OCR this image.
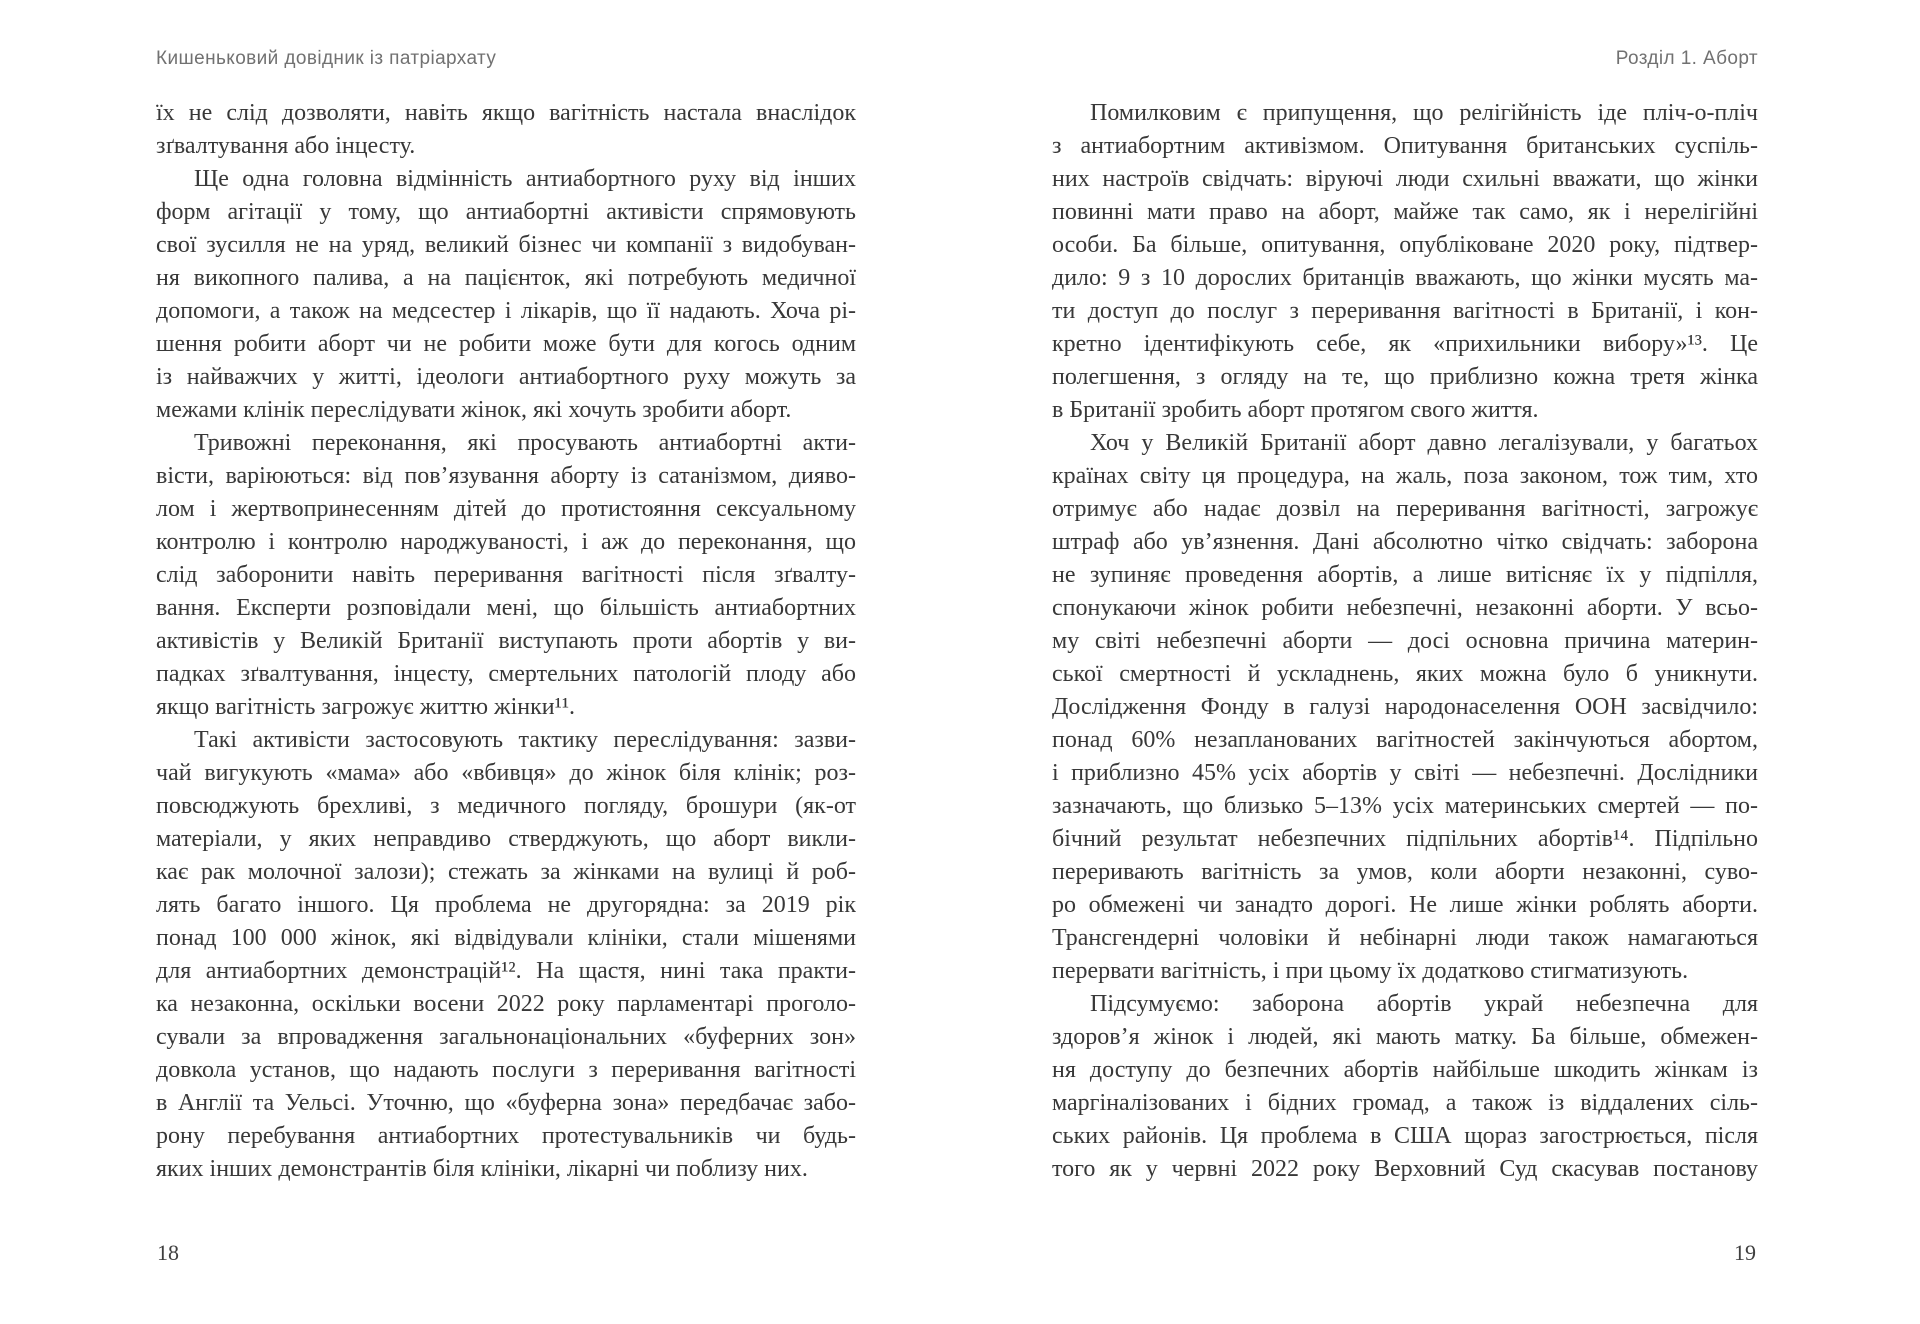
Кишеньковий довідник із патріархату	Розділ 1. Аборт
їх не слід дозволяти, навіть якщо вагітність настала внаслідок
зґвалтування або інцесту.
Ще одна головна відмінність антиабортного руху від інших
форм агітації у тому, що антиабортні активісти спрямовують
свої зусилля не на уряд, великий бізнес чи компанії з видобуван-
ня викопного палива, а на пацієнток, які потребують медичної
допомоги, а також на медсестер і лікарів, що її надають. Хоча рі-
шення робити аборт чи не робити може бути для когось одним
із найважчих у житті, ідеологи антиабортного руху можуть за
межами клінік переслідувати жінок, які хочуть зробити аборт.
Тривожні переконання, які просувають антиабортні акти-
вісти, варіюються: від пов’язування аборту із сатанізмом, дияво-
лом і жертвопринесенням дітей до протистояння сексуальному
контролю і контролю народжуваності, і аж до переконання, що
слід заборонити навіть переривання вагітності після зґвалту-
вання. Експерти розповідали мені, що більшість антиабортних
активістів у Великій Британії виступають проти абортів у ви-
падках зґвалтування, інцесту, смертельних патологій плоду або
якщо вагітність загрожує життю жінки¹¹.
Такі активісти застосовують тактику переслідування: зазви-
чай вигукують «мама» або «вбивця» до жінок біля клінік; роз-
повсюджують брехливі, з медичного погляду, брошури (як-от
матеріали, у яких неправдиво стверджують, що аборт викли-
кає рак молочної залози); стежать за жінками на вулиці й роб-
лять багато іншого. Ця проблема не другорядна: за 2019 рік
понад 100 000 жінок, які відвідували клініки, стали мішенями
для антиабортних демонстрацій¹². На щастя, нині така практи-
ка незаконна, оскільки восени 2022 року парламентарі проголо-
сували за впровадження загальнонаціональних «буферних зон»
довкола установ, що надають послуги з переривання вагітності
в Англії та Уельсі. Уточню, що «буферна зона» передбачає забо-
рону перебування антиабортних протестувальників чи будь-
яких інших демонстрантів біля клініки, лікарні чи поблизу них.
Помилковим є припущення, що релігійність іде пліч-о-пліч
з антиабортним активізмом. Опитування британських суспіль-
них настроїв свідчать: віруючі люди схильні вважати, що жінки
повинні мати право на аборт, майже так само, як і нерелігійні
особи. Ба більше, опитування, опубліковане 2020 року, підтвер-
дило: 9 з 10 дорослих британців вважають, що жінки мусять ма-
ти доступ до послуг з переривання вагітності в Британії, і кон-
кретно ідентифікують себе, як «прихильники вибору»¹³. Це
полегшення, з огляду на те, що приблизно кожна третя жінка
в Британії зробить аборт протягом свого життя.
Хоч у Великій Британії аборт давно легалізували, у багатьох
країнах світу ця процедура, на жаль, поза законом, тож тим, хто
отримує або надає дозвіл на переривання вагітності, загрожує
штраф або ув’язнення. Дані абсолютно чітко свідчать: заборона
не зупиняє проведення абортів, а лише витісняє їх у підпілля,
спонукаючи жінок робити небезпечні, незаконні аборти. У всьо-
му світі небезпечні аборти — досі основна причина материн-
ської смертності й ускладнень, яких можна було б уникнути.
Дослідження Фонду в галузі народонаселення ООН засвідчило:
понад 60% незапланованих вагітностей закінчуються абортом,
і приблизно 45% усіх абортів у світі — небезпечні. Дослідники
зазначають, що близько 5–13% усіх материнських смертей — по-
бічний результат небезпечних підпільних абортів¹⁴. Підпільно
переривають вагітність за умов, коли аборти незаконні, суво-
ро обмежені чи занадто дорогі. Не лише жінки роблять аборти.
Трансгендерні чоловіки й небінарні люди також намагаються
перервати вагітність, і при цьому їх додатково стигматизують.
Підсумуємо: заборона абортів украй небезпечна для
здоров’я жінок і людей, які мають матку. Ба більше, обмежен-
ня доступу до безпечних абортів найбільше шкодить жінкам із
маргіналізованих і бідних громад, а також із віддалених сіль-
ських районів. Ця проблема в США щораз загострюється, після
того як у червні 2022 року Верховний Суд скасував постанову
18	19
